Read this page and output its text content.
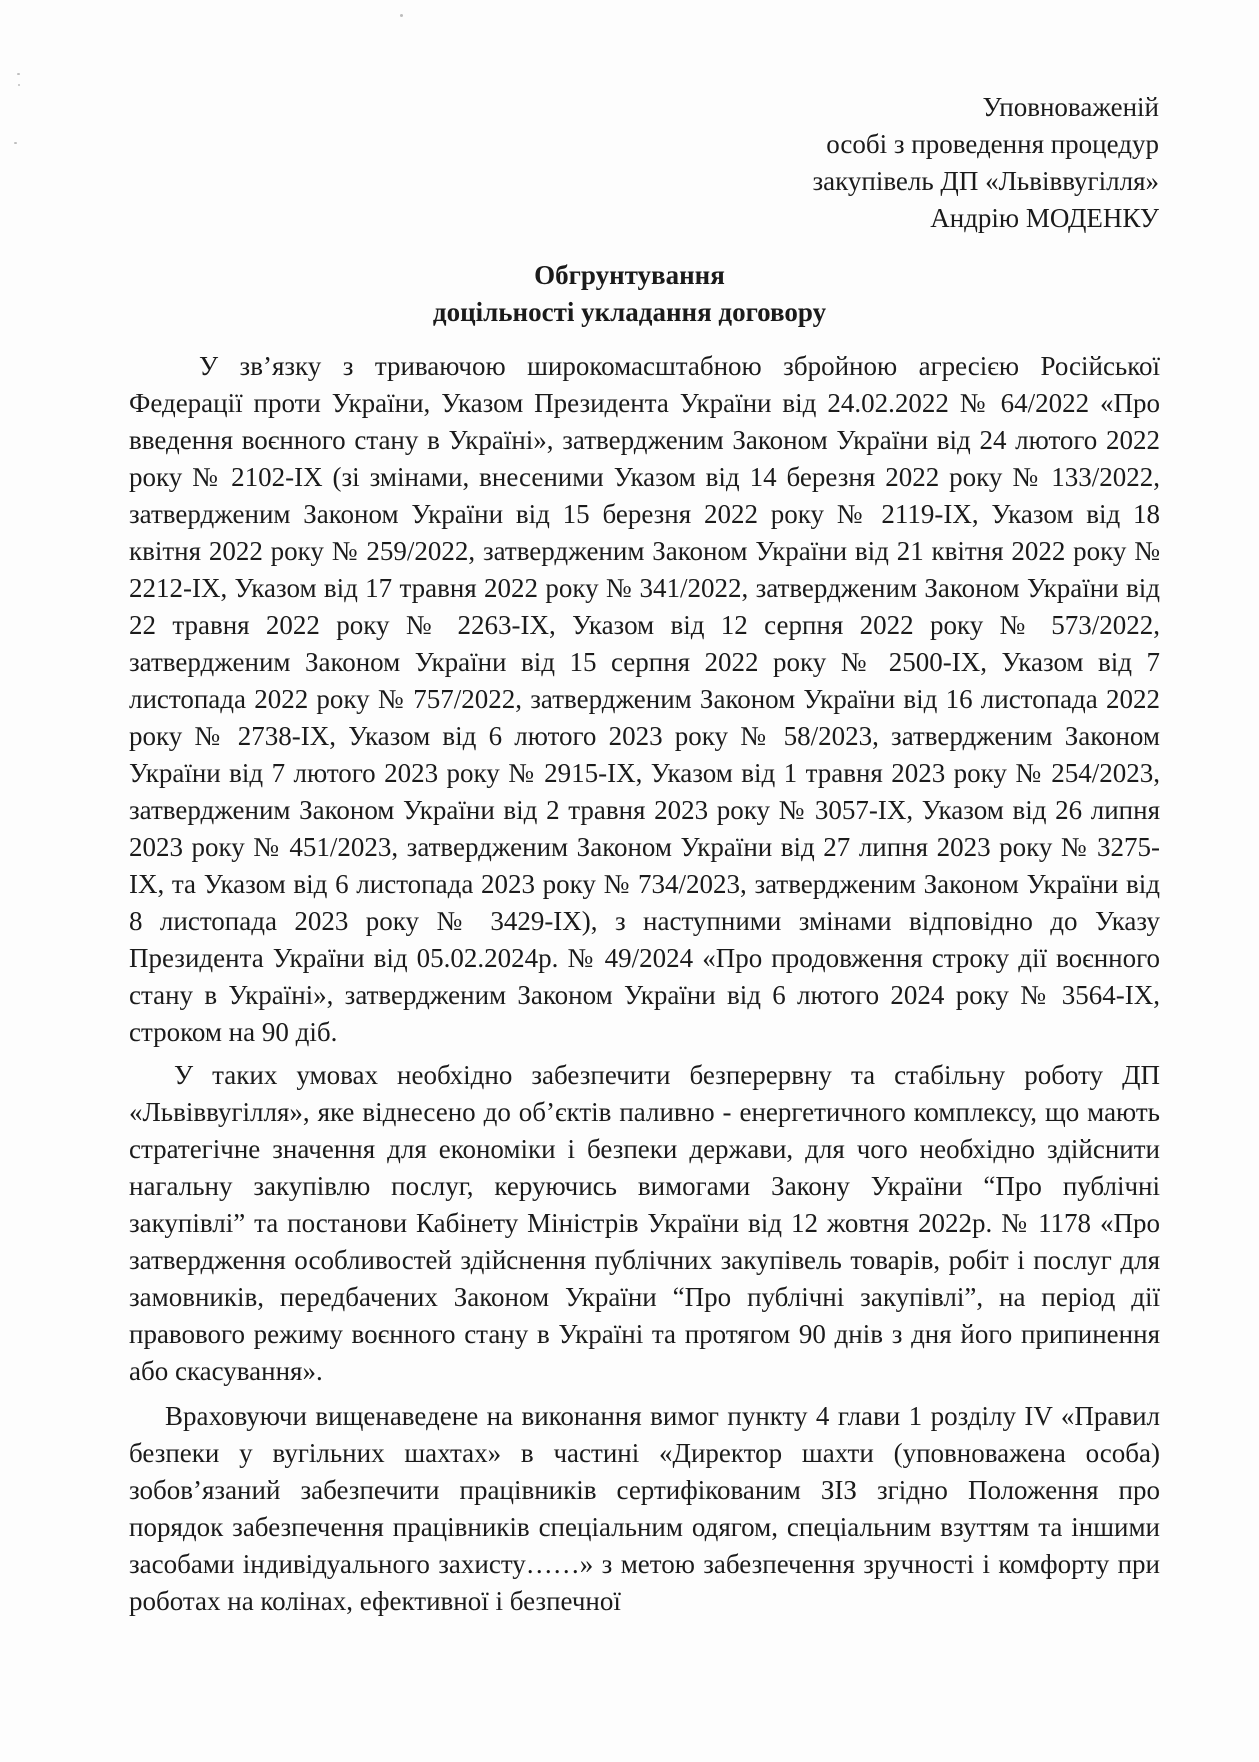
Уповноваженій
особі з проведення процедур
закупівель ДП «Львіввугілля»
Андрію МОДЕНКУ
Обгрунтування
доцільності укладання договору

У зв’язку з триваючою широкомасштабною збройною агресією Російської Федерації проти України, Указом Президента України від 24.02.2022 № 64/2022 «Про введення воєнного стану в Україні», затвердженим Законом України від 24 лютого 2022 року № 2102-IX (зі змінами, внесеними Указом від 14 березня 2022 року № 133/2022, затвердженим Законом України від 15 березня 2022 року № 2119-IX, Указом від 18 квітня 2022 року № 259/2022, затвердженим Законом України від 21 квітня 2022 року № 2212-IX, Указом від 17 травня 2022 року № 341/2022, затвердженим Законом України від 22 травня 2022 року № 2263-IX, Указом від 12 серпня 2022 року № 573/2022, затвердженим Законом України від 15 серпня 2022 року № 2500-IX, Указом від 7 листопада 2022 року № 757/2022, затвердженим Законом України від 16 листопада 2022 року № 2738-IX, Указом від 6 лютого 2023 року № 58/2023, затвердженим Законом України від 7 лютого 2023 року № 2915-IX, Указом від 1 травня 2023 року № 254/2023, затвердженим Законом України від 2 травня 2023 року № 3057-IX, Указом від 26 липня 2023 року № 451/2023, затвердженим Законом України від 27 липня 2023 року № 3275-IX, та Указом від 6 листопада 2023 року № 734/2023, затвердженим Законом України від 8 листопада 2023 року № 3429-IX), з наступними змінами відповідно до Указу Президента України від 05.02.2024р. № 49/2024 «Про продовження строку дії воєнного стану в Україні», затвердженим Законом України від 6 лютого 2024 року № 3564-IX, строком на 90 діб.

У таких умовах необхідно забезпечити безперервну та стабільну роботу ДП «Львіввугілля», яке віднесено до об’єктів паливно - енергетичного комплексу, що мають стратегічне значення для економіки і безпеки держави, для чого необхідно здійснити нагальну закупівлю послуг, керуючись вимогами Закону України “Про публічні закупівлі” та постанови Кабінету Міністрів України від 12 жовтня 2022р. № 1178 «Про затвердження особливостей здійснення публічних закупівель товарів, робіт і послуг для замовників, передбачених Законом України “Про публічні закупівлі”, на період дії правового режиму воєнного стану в Україні та протягом 90 днів з дня його припинення або скасування».

Враховуючи вищенаведене на виконання вимог пункту 4 глави 1 розділу IV «Правил безпеки у вугільних шахтах» в частині «Директор шахти (уповноважена особа) зобов’язаний забезпечити працівників сертифікованим ЗІЗ згідно Положення про порядок забезпечення працівників спеціальним одягом, спеціальним взуттям та іншими засобами індивідуального захисту……» з метою забезпечення зручності і комфорту при роботах на колінах, ефективної і безпечної
